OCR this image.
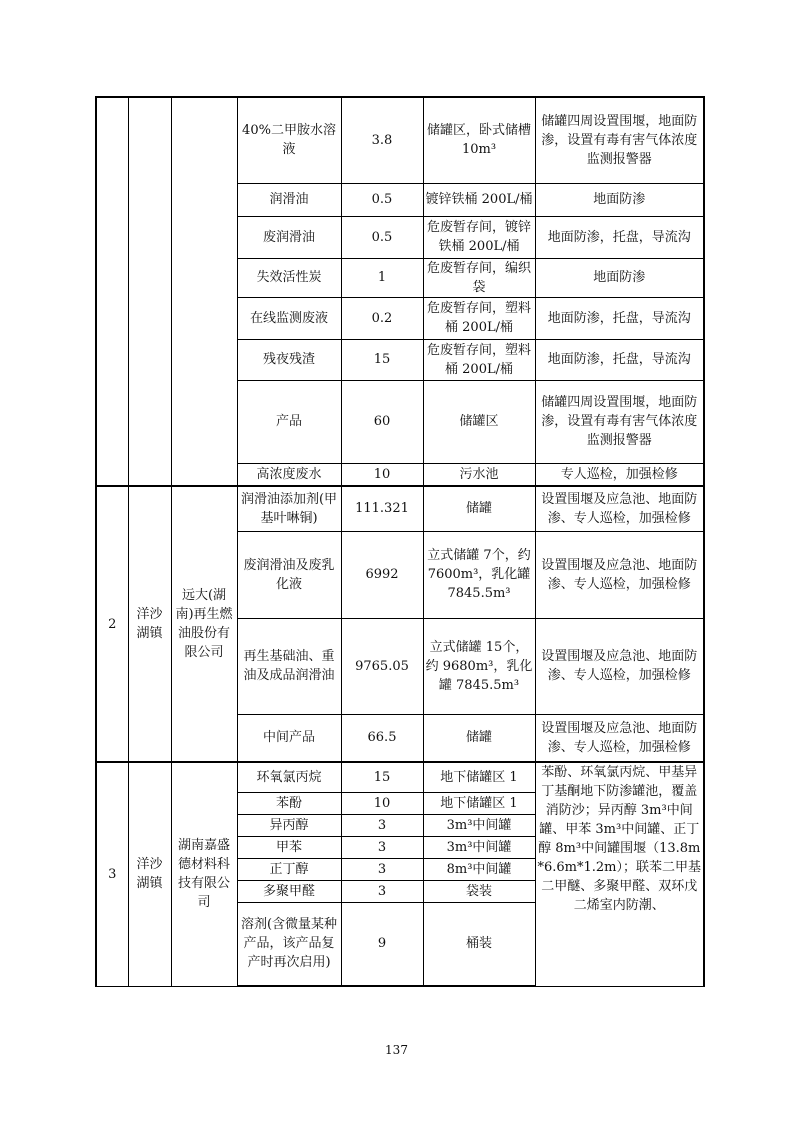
			40%二甲胺水溶液	3.8	储罐区，卧式储槽 10m³	储罐四周设置围堰，地面防渗，设置有毒有害气体浓度监测报警器
			润滑油	0.5	镀锌铁桶 200L/桶	地面防渗
			废润滑油	0.5	危废暂存间，镀锌铁桶 200L/桶	地面防渗，托盘，导流沟
			失效活性炭	1	危废暂存间，编织袋	地面防渗
			在线监测废液	0.2	危废暂存间，塑料桶 200L/桶	地面防渗，托盘，导流沟
			残夜残渣	15	危废暂存间，塑料桶 200L/桶	地面防渗，托盘，导流沟
			产品	60	储罐区	储罐四周设置围堰，地面防渗，设置有毒有害气体浓度监测报警器
			高浓度废水	10	污水池	专人巡检，加强检修
2	洋沙湖镇	远大(湖南)再生燃油股份有限公司	润滑油添加剂(甲基叶啉铜)	111.321	储罐	设置围堰及应急池、地面防渗、专人巡检，加强检修
			废润滑油及废乳化液	6992	立式储罐 7个，约 7600m³，乳化罐 7845.5m³	设置围堰及应急池、地面防渗、专人巡检，加强检修
			再生基础油、重油及成品润滑油	9765.05	立式储罐 15个，约 9680m³，乳化罐 7845.5m³	设置围堰及应急池、地面防渗、专人巡检，加强检修
			中间产品	66.5	储罐	设置围堰及应急池、地面防渗、专人巡检，加强检修
3	洋沙湖镇	湖南嘉盛德材料科技有限公司	环氧氯丙烷	15	地下储罐区 1	苯酚、环氧氯丙烷、甲基异丁基酮地下防渗罐池，覆盖消防沙；异丙醇 3m³中间罐、甲苯 3m³中间罐、正丁醇 8m³中间罐围堰（13.8m*6.6m*1.2m）；联苯二甲基二甲醚、多聚甲醛、双环戊二烯室内防潮、
			苯酚	10	地下储罐区 1	
			异丙醇	3	3m³中间罐	
			甲苯	3	3m³中间罐	
			正丁醇	3	8m³中间罐	
			多聚甲醛	3	袋装	
			溶剂(含微量某种产品，该产品复产时再次启用)	9	桶装	
137
